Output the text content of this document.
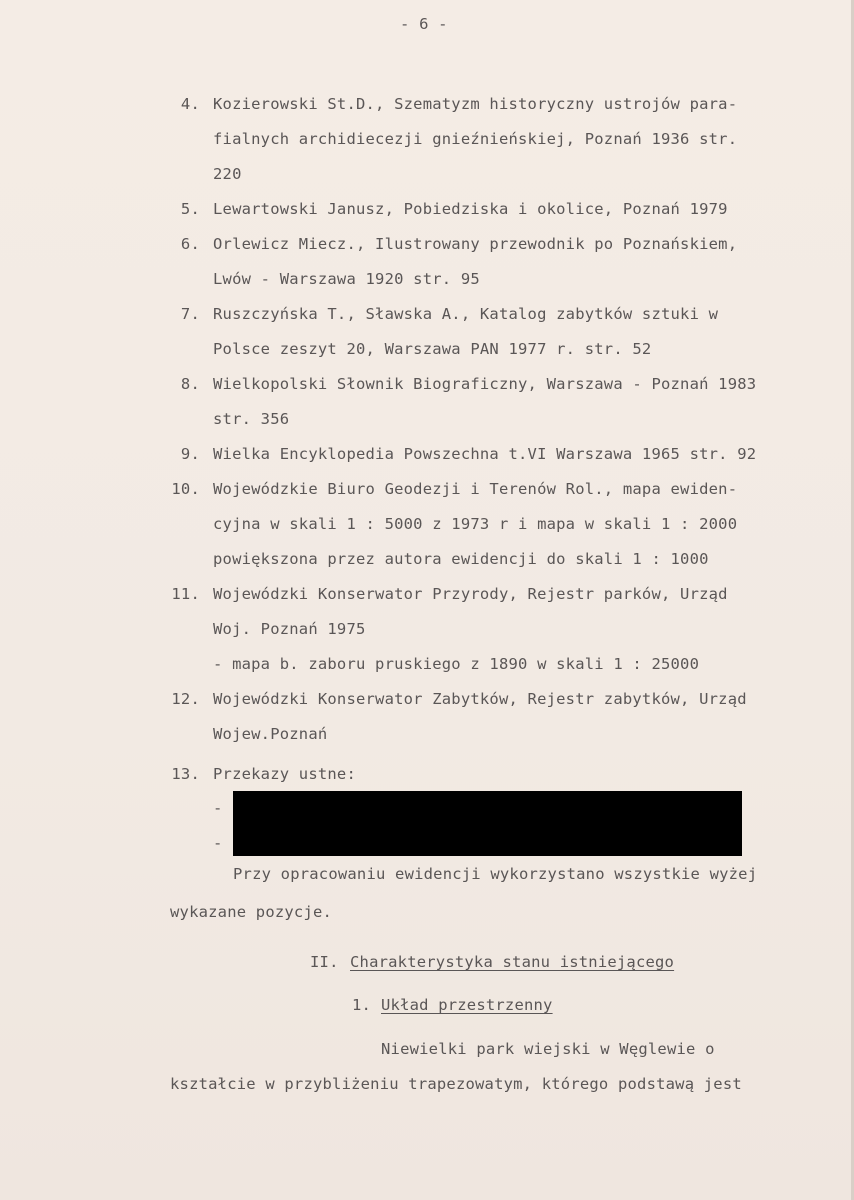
- 6 -
4. Kozierowski St.D., Szematyzm historyczny ustrojów para-
fialnych archidiecezji gnieźnieńskiej, Poznań 1936 str.
220
5. Lewartowski Janusz, Pobiedziska i okolice, Poznań 1979
6. Orlewicz Miecz., Ilustrowany przewodnik po Poznańskiem,
Lwów - Warszawa 1920 str. 95
7. Ruszczyńska T., Sławska A., Katalog zabytków sztuki w
Polsce zeszyt 20, Warszawa PAN 1977 r. str. 52
8. Wielkopolski Słownik Biograficzny, Warszawa - Poznań 1983
str. 356
9. Wielka Encyklopedia Powszechna t.VI Warszawa 1965 str. 92
10. Wojewódzkie Biuro Geodezji i Terenów Rol., mapa ewiden-
cyjna w skali 1 : 5000 z 1973 r i mapa w skali 1 : 2000
powiększona przez autora ewidencji do skali 1 : 1000
11. Wojewódzki Konserwator Przyrody, Rejestr parków, Urząd
Woj. Poznań 1975
- mapa b. zaboru pruskiego z 1890 w skali 1 : 25000
12. Wojewódzki Konserwator Zabytków, Rejestr zabytków, Urząd
Wojew.Poznań
13. Przekazy ustne:
-
-
Przy opracowaniu ewidencji wykorzystano wszystkie wyżej
wykazane pozycje.
II. Charakterystyka stanu istniejącego
1. Układ przestrzenny
Niewielki park wiejski w Węglewie o
kształcie w przybliżeniu trapezowatym, którego podstawą jest
